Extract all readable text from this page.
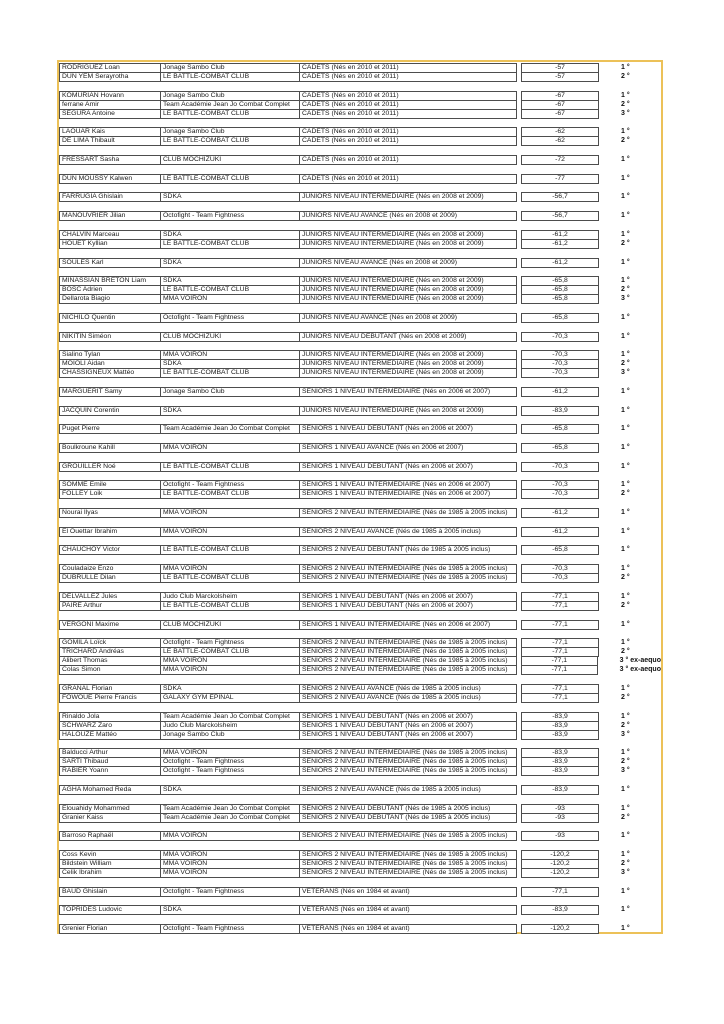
RODRIGUEZ Loan	Jonage Sambo Club	CADETS (Nés en 2010 et 2011)	-57	1 °
DUN YEM Serayrotha	LE BATTLE-COMBAT CLUB	CADETS (Nés en 2010 et 2011)	-57	2 °
KOMURIAN Hovann	Jonage Sambo Club	CADETS (Nés en 2010 et 2011)	-67	1 °
ferrane Amir	Team Académie Jean Jo Combat Complet	CADETS (Nés en 2010 et 2011)	-67	2 °
SEGURA Antoine	LE BATTLE-COMBAT CLUB	CADETS (Nés en 2010 et 2011)	-67	3 °
LAOUAR Kais	Jonage Sambo Club	CADETS (Nés en 2010 et 2011)	-62	1 °
DE LIMA Thibault	LE BATTLE-COMBAT CLUB	CADETS (Nés en 2010 et 2011)	-62	2 °
FRESSART Sasha	CLUB MOCHIZUKI	CADETS (Nés en 2010 et 2011)	-72	1 °
DUN MOUSSY Kalwen	LE BATTLE-COMBAT CLUB	CADETS (Nés en 2010 et 2011)	-77	1 °
FARRUGIA Ghislain	SDKA	JUNIORS NIVEAU INTERMEDIAIRE (Nés en 2008 et 2009)	-56,7	1 °
MANOUVRIER Jilian	Octofight - Team Fightness	JUNIORS NIVEAU AVANCE (Nés en 2008 et 2009)	-56,7	1 °
CHALVIN Marceau	SDKA	JUNIORS NIVEAU INTERMEDIAIRE (Nés en 2008 et 2009)	-61,2	1 °
HOUET Kyllian	LE BATTLE-COMBAT CLUB	JUNIORS NIVEAU INTERMEDIAIRE (Nés en 2008 et 2009)	-61,2	2 °
SOULES Karl	SDKA	JUNIORS NIVEAU AVANCE (Nés en 2008 et 2009)	-61,2	1 °
MINASSIAN BRETON Liam	SDKA	JUNIORS NIVEAU INTERMEDIAIRE (Nés en 2008 et 2009)	-65,8	1 °
BOSC Adrien	LE BATTLE-COMBAT CLUB	JUNIORS NIVEAU INTERMEDIAIRE (Nés en 2008 et 2009)	-65,8	2 °
Dellarota Biagio	MMA VOIRON	JUNIORS NIVEAU INTERMEDIAIRE (Nés en 2008 et 2009)	-65,8	3 °
NICHILO Quentin	Octofight - Team Fightness	JUNIORS NIVEAU AVANCE (Nés en 2008 et 2009)	-65,8	1 °
NIKITIN Siméon	CLUB MOCHIZUKI	JUNIORS NIVEAU DEBUTANT (Nés en 2008 et 2009)	-70,3	1 °
Sialino Tylan	MMA VOIRON	JUNIORS NIVEAU INTERMEDIAIRE (Nés en 2008 et 2009)	-70,3	1 °
MOIOLI Aidan	SDKA	JUNIORS NIVEAU INTERMEDIAIRE (Nés en 2008 et 2009)	-70,3	2 °
CHASSIGNEUX Mattéo	LE BATTLE-COMBAT CLUB	JUNIORS NIVEAU INTERMEDIAIRE (Nés en 2008 et 2009)	-70,3	3 °
MARGUERIT Samy	Jonage Sambo Club	SENIORS 1 NIVEAU INTERMEDIAIRE (Nés en 2006 et 2007)	-61,2	1 °
JACQUIN Corentin	SDKA	JUNIORS NIVEAU INTERMEDIAIRE (Nés en 2008 et 2009)	-83,9	1 °
Puget Pierre	Team Académie Jean Jo Combat Complet	SENIORS 1 NIVEAU DEBUTANT (Nés en 2006 et 2007)	-65,8	1 °
Boulkroune Kahill	MMA VOIRON	SENIORS 1 NIVEAU AVANCE (Nés en 2006 et 2007)	-65,8	1 °
GROUILLER Noé	LE BATTLE-COMBAT CLUB	SENIORS 1 NIVEAU DEBUTANT (Nés en 2006 et 2007)	-70,3	1 °
SOMME Emile	Octofight - Team Fightness	SENIORS 1 NIVEAU INTERMEDIAIRE (Nés en 2006 et 2007)	-70,3	1 °
FOLLEY Loik	LE BATTLE-COMBAT CLUB	SENIORS 1 NIVEAU INTERMEDIAIRE (Nés en 2006 et 2007)	-70,3	2 °
Nourai Ilyas	MMA VOIRON	SENIORS 2 NIVEAU INTERMEDIAIRE (Nés de 1985 à 2005 inclus)	-61,2	1 °
El Ouettar Ibrahim	MMA VOIRON	SENIORS 2 NIVEAU AVANCE (Nés de 1985 à 2005 inclus)	-61,2	1 °
CHAUCHOY Victor	LE BATTLE-COMBAT CLUB	SENIORS 2 NIVEAU DEBUTANT (Nés de 1985 à 2005 inclus)	-65,8	1 °
Couladaize Enzo	MMA VOIRON	SENIORS 2 NIVEAU INTERMEDIAIRE (Nés de 1985 à 2005 inclus)	-70,3	1 °
DUBRULLE Dilan	LE BATTLE-COMBAT CLUB	SENIORS 2 NIVEAU INTERMEDIAIRE (Nés de 1985 à 2005 inclus)	-70,3	2 °
DELVALLEZ Jules	Judo Club Marckolsheim	SENIORS 1 NIVEAU DEBUTANT (Nés en 2006 et 2007)	-77,1	1 °
PAIRE Arthur	LE BATTLE-COMBAT CLUB	SENIORS 1 NIVEAU DEBUTANT (Nés en 2006 et 2007)	-77,1	2 °
VERGONI Maxime	CLUB MOCHIZUKI	SENIORS 1 NIVEAU INTERMEDIAIRE (Nés en 2006 et 2007)	-77,1	1 °
GOMILA Loïck	Octofight - Team Fightness	SENIORS 2 NIVEAU INTERMEDIAIRE (Nés de 1985 à 2005 inclus)	-77,1	1 °
TRICHARD Andréas	LE BATTLE-COMBAT CLUB	SENIORS 2 NIVEAU INTERMEDIAIRE (Nés de 1985 à 2005 inclus)	-77,1	2 °
Alibert Thomas	MMA VOIRON	SENIORS 2 NIVEAU INTERMEDIAIRE (Nés de 1985 à 2005 inclus)	-77,1	3 ° ex-aequo
Colas Simon	MMA VOIRON	SENIORS 2 NIVEAU INTERMEDIAIRE (Nés de 1985 à 2005 inclus)	-77,1	3 ° ex-aequo
GRANAL Florian	SDKA	SENIORS 2 NIVEAU AVANCE (Nés de 1985 à 2005 inclus)	-77,1	1 °
FOWOUE Pierre Francis	GALAXY GYM EPINAL	SENIORS 2 NIVEAU AVANCE (Nés de 1985 à 2005 inclus)	-77,1	2 °
Rinaldo Jola	Team Académie Jean Jo Combat Complet	SENIORS 1 NIVEAU DEBUTANT (Nés en 2006 et 2007)	-83,9	1 °
SCHWARZ Zaro	Judo Club Marckolsheim	SENIORS 1 NIVEAU DEBUTANT (Nés en 2006 et 2007)	-83,9	2 °
HALOUZE Mattéo	Jonage Sambo Club	SENIORS 1 NIVEAU DEBUTANT (Nés en 2006 et 2007)	-83,9	3 °
Balducci Arthur	MMA VOIRON	SENIORS 2 NIVEAU INTERMEDIAIRE (Nés de 1985 à 2005 inclus)	-83,9	1 °
SARTI Thibaud	Octofight - Team Fightness	SENIORS 2 NIVEAU INTERMEDIAIRE (Nés de 1985 à 2005 inclus)	-83,9	2 °
RABIER Yoann	Octofight - Team Fightness	SENIORS 2 NIVEAU INTERMEDIAIRE (Nés de 1985 à 2005 inclus)	-83,9	3 °
AGHA Mohamed Reda	SDKA	SENIORS 2 NIVEAU AVANCE (Nés de 1985 à 2005 inclus)	-83,9	1 °
Elouahidy Mohammed	Team Académie Jean Jo Combat Complet	SENIORS 2 NIVEAU DEBUTANT (Nés de 1985 à 2005 inclus)	-93	1 °
Granier Kaiss	Team Académie Jean Jo Combat Complet	SENIORS 2 NIVEAU DEBUTANT (Nés de 1985 à 2005 inclus)	-93	2 °
Barroso Raphaël	MMA VOIRON	SENIORS 2 NIVEAU INTERMEDIAIRE (Nés de 1985 à 2005 inclus)	-93	1 °
Coss Kevin	MMA VOIRON	SENIORS 2 NIVEAU INTERMEDIAIRE (Nés de 1985 à 2005 inclus)	-120,2	1 °
Bildstein William	MMA VOIRON	SENIORS 2 NIVEAU INTERMEDIAIRE (Nés de 1985 à 2005 inclus)	-120,2	2 °
Celik Ibrahim	MMA VOIRON	SENIORS 2 NIVEAU INTERMEDIAIRE (Nés de 1985 à 2005 inclus)	-120,2	3 °
BAUD Ghislain	Octofight - Team Fightness	VETERANS (Nés en 1984 et avant)	-77,1	1 °
TOPRIDES Ludovic	SDKA	VETERANS (Nés en 1984 et avant)	-83,9	1 °
Grenier Florian	Octofight - Team Fightness	VETERANS (Nés en 1984 et avant)	-120,2	1 °
